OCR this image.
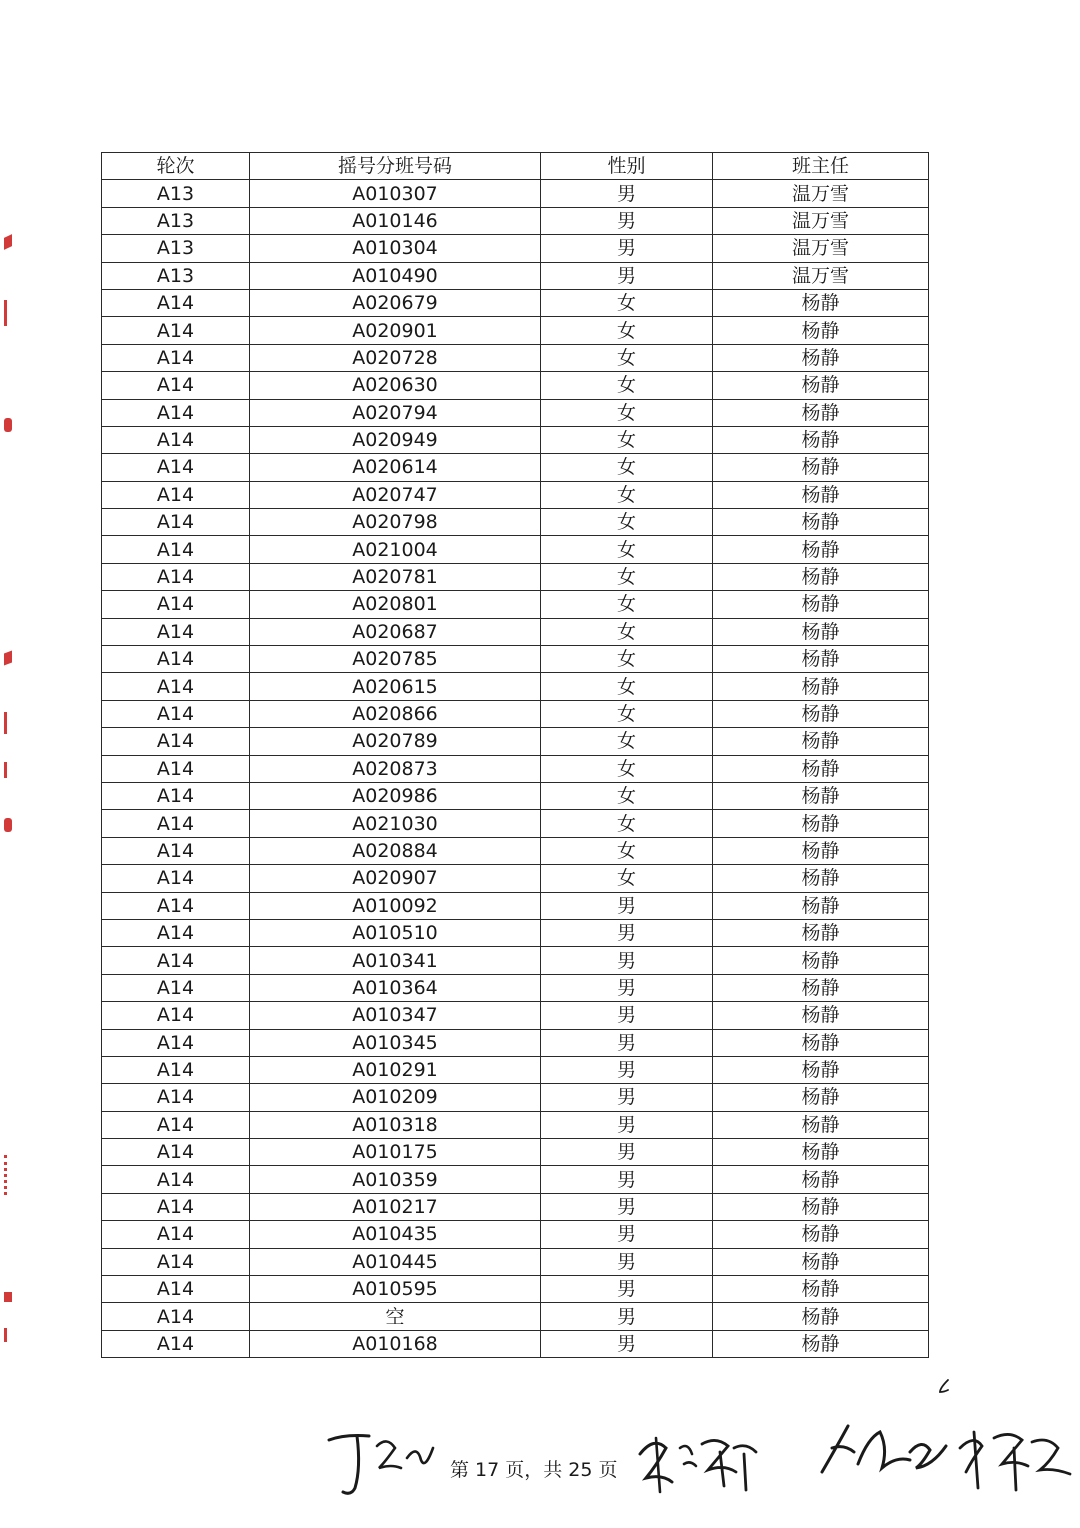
轮次	摇号分班号码	性别	班主任
A13	A010307	男	温万雪
A13	A010146	男	温万雪
A13	A010304	男	温万雪
A13	A010490	男	温万雪
A14	A020679	女	杨静
A14	A020901	女	杨静
A14	A020728	女	杨静
A14	A020630	女	杨静
A14	A020794	女	杨静
A14	A020949	女	杨静
A14	A020614	女	杨静
A14	A020747	女	杨静
A14	A020798	女	杨静
A14	A021004	女	杨静
A14	A020781	女	杨静
A14	A020801	女	杨静
A14	A020687	女	杨静
A14	A020785	女	杨静
A14	A020615	女	杨静
A14	A020866	女	杨静
A14	A020789	女	杨静
A14	A020873	女	杨静
A14	A020986	女	杨静
A14	A021030	女	杨静
A14	A020884	女	杨静
A14	A020907	女	杨静
A14	A010092	男	杨静
A14	A010510	男	杨静
A14	A010341	男	杨静
A14	A010364	男	杨静
A14	A010347	男	杨静
A14	A010345	男	杨静
A14	A010291	男	杨静
A14	A010209	男	杨静
A14	A010318	男	杨静
A14	A010175	男	杨静
A14	A010359	男	杨静
A14	A010217	男	杨静
A14	A010435	男	杨静
A14	A010445	男	杨静
A14	A010595	男	杨静
A14	空	男	杨静
A14	A010168	男	杨静
第 17 页，共 25 页
